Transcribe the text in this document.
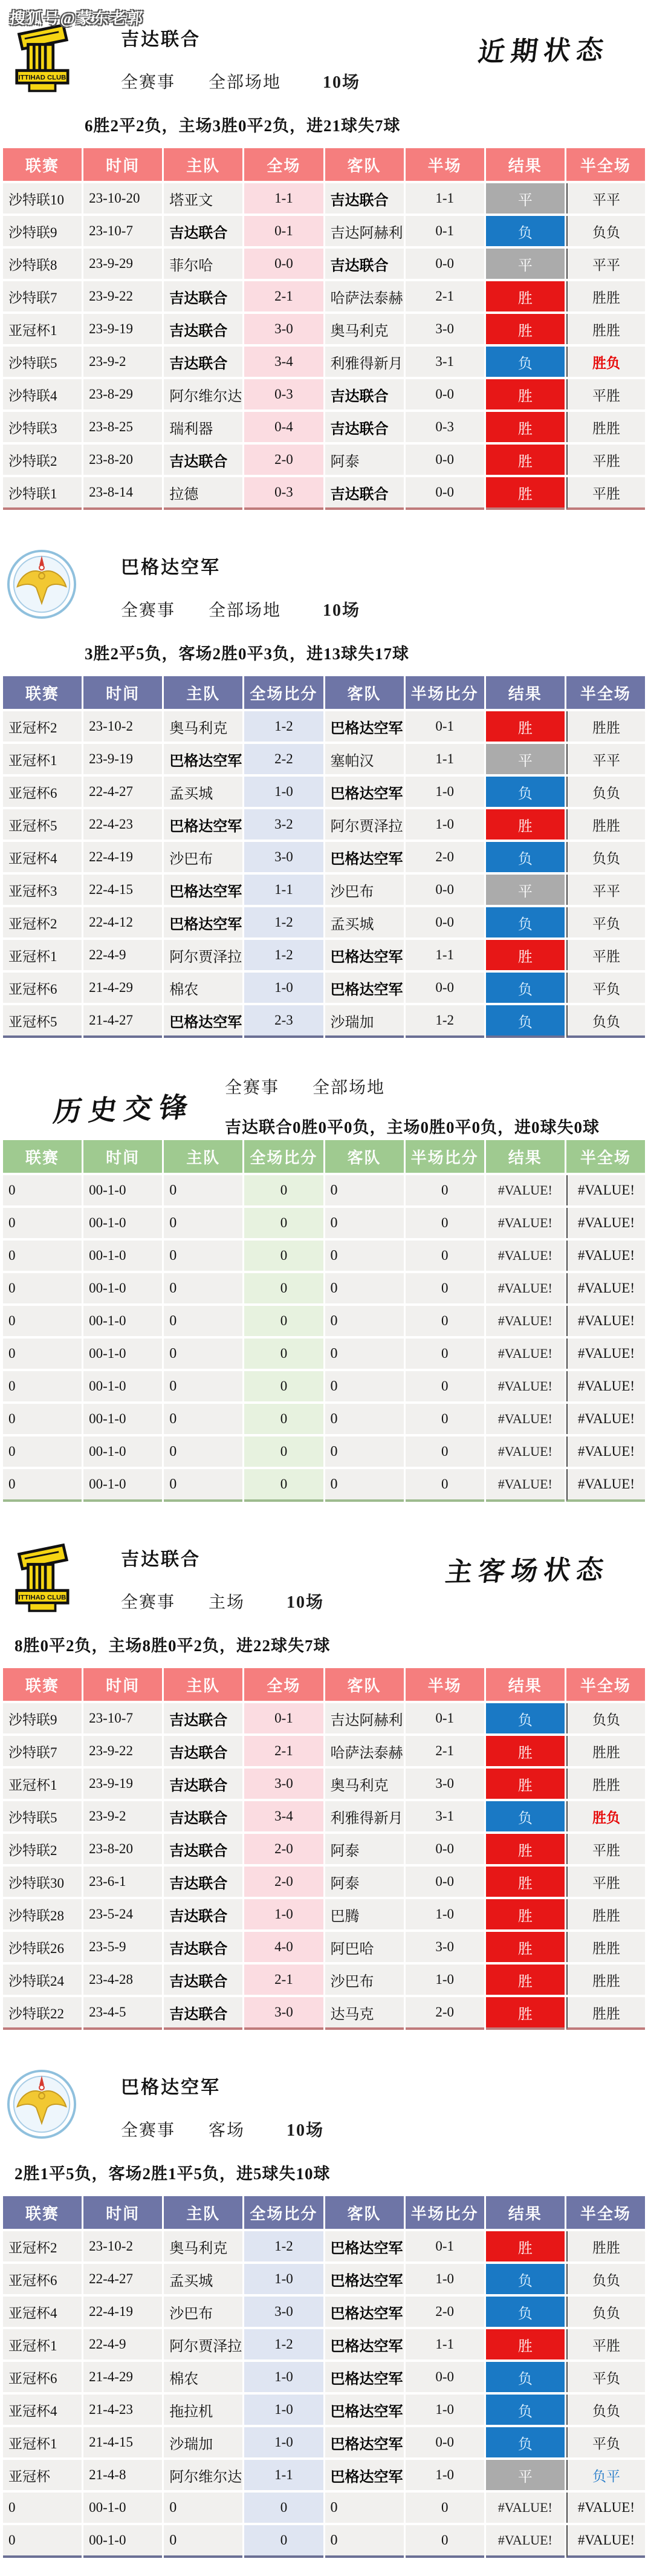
搜狐号@蒙东老郭
ITTIHAD CLUB
吉达联合
全赛事 全部场地 10场
近期状态
6胜2平2负，主场3胜0平2负，进21球失7球
联赛	时间	主队	全场	客队	半场	结果	半全场
沙特联10	23-10-20	塔亚文	1-1	吉达联合	1-1	平	平平
沙特联9	23-10-7	吉达联合	0-1	吉达阿赫利	0-1	负	负负
沙特联8	23-9-29	菲尔哈	0-0	吉达联合	0-0	平	平平
沙特联7	23-9-22	吉达联合	2-1	哈萨法泰赫	2-1	胜	胜胜
亚冠杯1	23-9-19	吉达联合	3-0	奥马利克	3-0	胜	胜胜
沙特联5	23-9-2	吉达联合	3-4	利雅得新月	3-1	负	胜负
沙特联4	23-8-29	阿尔维尔达	0-3	吉达联合	0-0	胜	平胜
沙特联3	23-8-25	瑞利器	0-4	吉达联合	0-3	胜	胜胜
沙特联2	23-8-20	吉达联合	2-0	阿泰	0-0	胜	平胜
沙特联1	23-8-14	拉德	0-3	吉达联合	0-0	胜	平胜
巴格达空军
全赛事 全部场地 10场
3胜2平5负，客场2胜0平3负，进13球失17球
联赛	时间	主队	全场比分	客队	半场比分	结果	半全场
亚冠杯2	23-10-2	奥马利克	1-2	巴格达空军	0-1	胜	胜胜
亚冠杯1	23-9-19	巴格达空军	2-2	塞帕汉	1-1	平	平平
亚冠杯6	22-4-27	孟买城	1-0	巴格达空军	1-0	负	负负
亚冠杯5	22-4-23	巴格达空军	3-2	阿尔贾泽拉	1-0	胜	胜胜
亚冠杯4	22-4-19	沙巴布	3-0	巴格达空军	2-0	负	负负
亚冠杯3	22-4-15	巴格达空军	1-1	沙巴布	0-0	平	平平
亚冠杯2	22-4-12	巴格达空军	1-2	孟买城	0-0	负	平负
亚冠杯1	22-4-9	阿尔贾泽拉	1-2	巴格达空军	1-1	胜	平胜
亚冠杯6	21-4-29	棉农	1-0	巴格达空军	0-0	负	平负
亚冠杯5	21-4-27	巴格达空军	2-3	沙瑞加	1-2	负	负负
历史交锋
全赛事 全部场地
吉达联合0胜0平0负，主场0胜0平0负，进0球失0球
联赛	时间	主队	全场比分	客队	半场比分	结果	半全场
0	00-1-0	0	0	0	0	#VALUE!	#VALUE!
0	00-1-0	0	0	0	0	#VALUE!	#VALUE!
0	00-1-0	0	0	0	0	#VALUE!	#VALUE!
0	00-1-0	0	0	0	0	#VALUE!	#VALUE!
0	00-1-0	0	0	0	0	#VALUE!	#VALUE!
0	00-1-0	0	0	0	0	#VALUE!	#VALUE!
0	00-1-0	0	0	0	0	#VALUE!	#VALUE!
0	00-1-0	0	0	0	0	#VALUE!	#VALUE!
0	00-1-0	0	0	0	0	#VALUE!	#VALUE!
0	00-1-0	0	0	0	0	#VALUE!	#VALUE!
ITTIHAD CLUB
吉达联合
全赛事 主场 10场
主客场状态
8胜0平2负，主场8胜0平2负，进22球失7球
联赛	时间	主队	全场	客队	半场	结果	半全场
沙特联9	23-10-7	吉达联合	0-1	吉达阿赫利	0-1	负	负负
沙特联7	23-9-22	吉达联合	2-1	哈萨法泰赫	2-1	胜	胜胜
亚冠杯1	23-9-19	吉达联合	3-0	奥马利克	3-0	胜	胜胜
沙特联5	23-9-2	吉达联合	3-4	利雅得新月	3-1	负	胜负
沙特联2	23-8-20	吉达联合	2-0	阿泰	0-0	胜	平胜
沙特联30	23-6-1	吉达联合	2-0	阿泰	0-0	胜	平胜
沙特联28	23-5-24	吉达联合	1-0	巴腾	1-0	胜	胜胜
沙特联26	23-5-9	吉达联合	4-0	阿巴哈	3-0	胜	胜胜
沙特联24	23-4-28	吉达联合	2-1	沙巴布	1-0	胜	胜胜
沙特联22	23-4-5	吉达联合	3-0	达马克	2-0	胜	胜胜
巴格达空军
全赛事 客场 10场
2胜1平5负，客场2胜1平5负，进5球失10球
联赛	时间	主队	全场比分	客队	半场比分	结果	半全场
亚冠杯2	23-10-2	奥马利克	1-2	巴格达空军	0-1	胜	胜胜
亚冠杯6	22-4-27	孟买城	1-0	巴格达空军	1-0	负	负负
亚冠杯4	22-4-19	沙巴布	3-0	巴格达空军	2-0	负	负负
亚冠杯1	22-4-9	阿尔贾泽拉	1-2	巴格达空军	1-1	胜	平胜
亚冠杯6	21-4-29	棉农	1-0	巴格达空军	0-0	负	平负
亚冠杯4	21-4-23	拖拉机	1-0	巴格达空军	1-0	负	负负
亚冠杯1	21-4-15	沙瑞加	1-0	巴格达空军	0-0	负	平负
亚冠杯	21-4-8	阿尔维尔达	1-1	巴格达空军	1-0	平	负平
0	00-1-0	0	0	0	0	#VALUE!	#VALUE!
0	00-1-0	0	0	0	0	#VALUE!	#VALUE!
